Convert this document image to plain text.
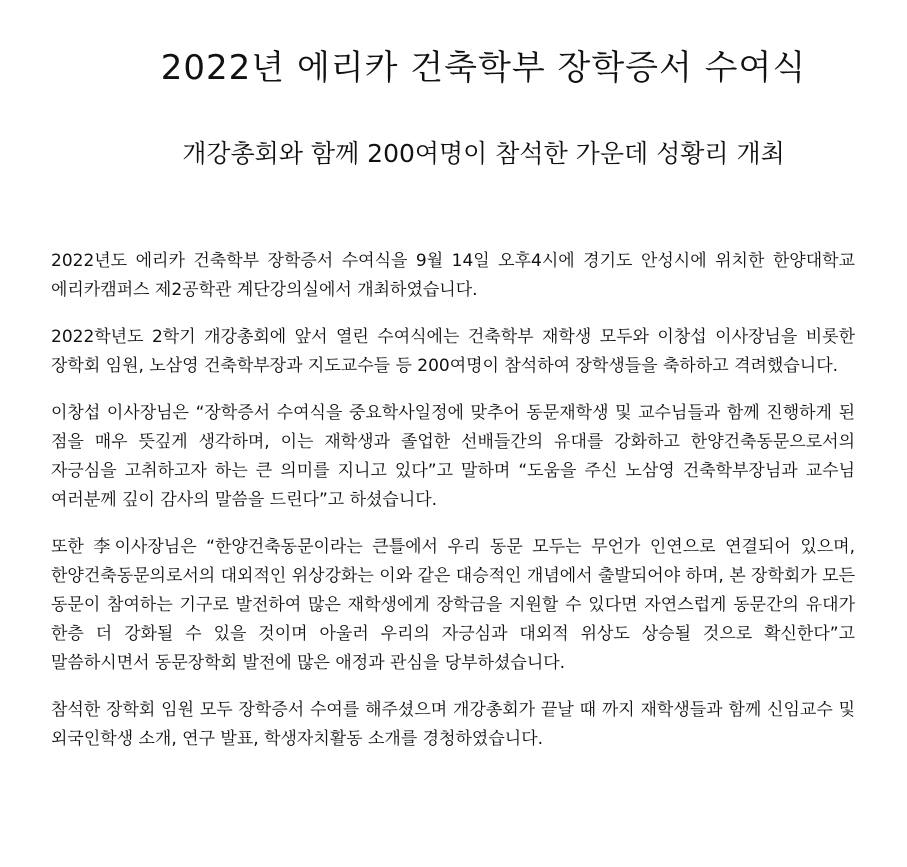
2022년 에리카 건축학부 장학증서 수여식
개강총회와 함께 200여명이 참석한 가운데 성황리 개최

2022년도 에리카 건축학부 장학증서 수여식을 9월 14일 오후4시에 경기도 안성시에 위치한 한양대학교 에리카캠퍼스 제2공학관 계단강의실에서 개최하였습니다.

2022학년도 2학기 개강총회에 앞서 열린 수여식에는 건축학부 재학생 모두와 이창섭 이사장님을 비롯한 장학회 임원, 노삼영 건축학부장과 지도교수들 등 200여명이 참석하여 장학생들을 축하하고 격려했습니다.

이창섭 이사장님은 “장학증서 수여식을 중요학사일정에 맞추어 동문재학생 및 교수님들과 함께 진행하게 된 점을 매우 뜻깊게 생각하며, 이는 재학생과 졸업한 선배들간의 유대를 강화하고 한양건축동문으로서의 자긍심을 고취하고자 하는 큰 의미를 지니고 있다”고 말하며 “도움을 주신 노삼영 건축학부장님과 교수님 여러분께 깊이 감사의 말씀을 드린다”고 하셨습니다.

또한 李이사장님은 “한양건축동문이라는 큰틀에서 우리 동문 모두는 무언가 인연으로 연결되어 있으며, 한양건축동문의로서의 대외적인 위상강화는 이와 같은 대승적인 개념에서 출발되어야 하며, 본 장학회가 모든 동문이 참여하는 기구로 발전하여 많은 재학생에게 장학금을 지원할 수 있다면 자연스럽게 동문간의 유대가 한층 더 강화될 수 있을 것이며 아울러 우리의 자긍심과 대외적 위상도 상승될 것으로 확신한다”고 말씀하시면서 동문장학회 발전에 많은 애정과 관심을 당부하셨습니다.

참석한 장학회 임원 모두 장학증서 수여를 해주셨으며 개강총회가 끝날 때 까지 재학생들과 함께 신임교수 및 외국인학생 소개, 연구 발표, 학생자치활동 소개를 경청하였습니다.
